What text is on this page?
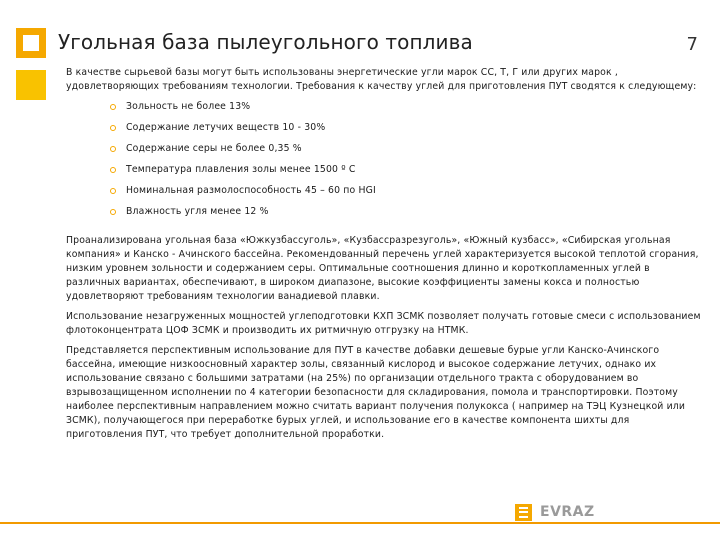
Угольная база пылеугольного топлива	7

В качестве сырьевой базы могут быть использованы энергетические угли марок СС, Т, Г или других марок , удовлетворяющих требованиям технологии. Требования к качеству углей для приготовления ПУТ сводятся к следующему:

Зольность не более 13%
Содержание летучих веществ 10 - 30%
Содержание серы не более 0,35 %
Температура плавления золы менее 1500 º С
Номинальная размолоспособность 45 – 60 по HGI
Влажность угля менее 12 %

Проанализирована угольная база «Южкузбассуголь», «Кузбассразрезуголь», «Южный кузбасс», «Сибирская угольная компания» и Канско - Ачинского бассейна. Рекомендованный перечень углей характеризуется высокой теплотой сгорания, низким уровнем зольности и содержанием серы. Оптимальные соотношения длинно и короткопламенных углей в различных вариантах, обеспечивают, в широком диапазоне, высокие коэффициенты замены кокса и полностью удовлетворяют требованиям технологии ванадиевой плавки.

Использование незагруженных мощностей углеподготовки КХП ЗСМК позволяет получать готовые смеси с использованием флотоконцентрата ЦОФ ЗСМК и производить их ритмичную отгрузку на НТМК.

Представляется перспективным использование для ПУТ в качестве добавки дешевые бурые угли Канско-Ачинского бассейна, имеющие низкоосновный характер золы, связанный кислород и высокое содержание летучих, однако их использование связано с большими затратами (на 25%) по организации отдельного тракта с оборудованием во взрывозащищенном исполнении по 4 категории безопасности для складирования, помола и транспортировки. Поэтому наиболее перспективным направлением можно считать вариант получения полукокса ( например на ТЭЦ Кузнецкой или ЗСМК), получающегося при переработке бурых углей, и использование его в качестве компонента шихты для приготовления ПУТ, что требует дополнительной проработки.

EVRAZ
